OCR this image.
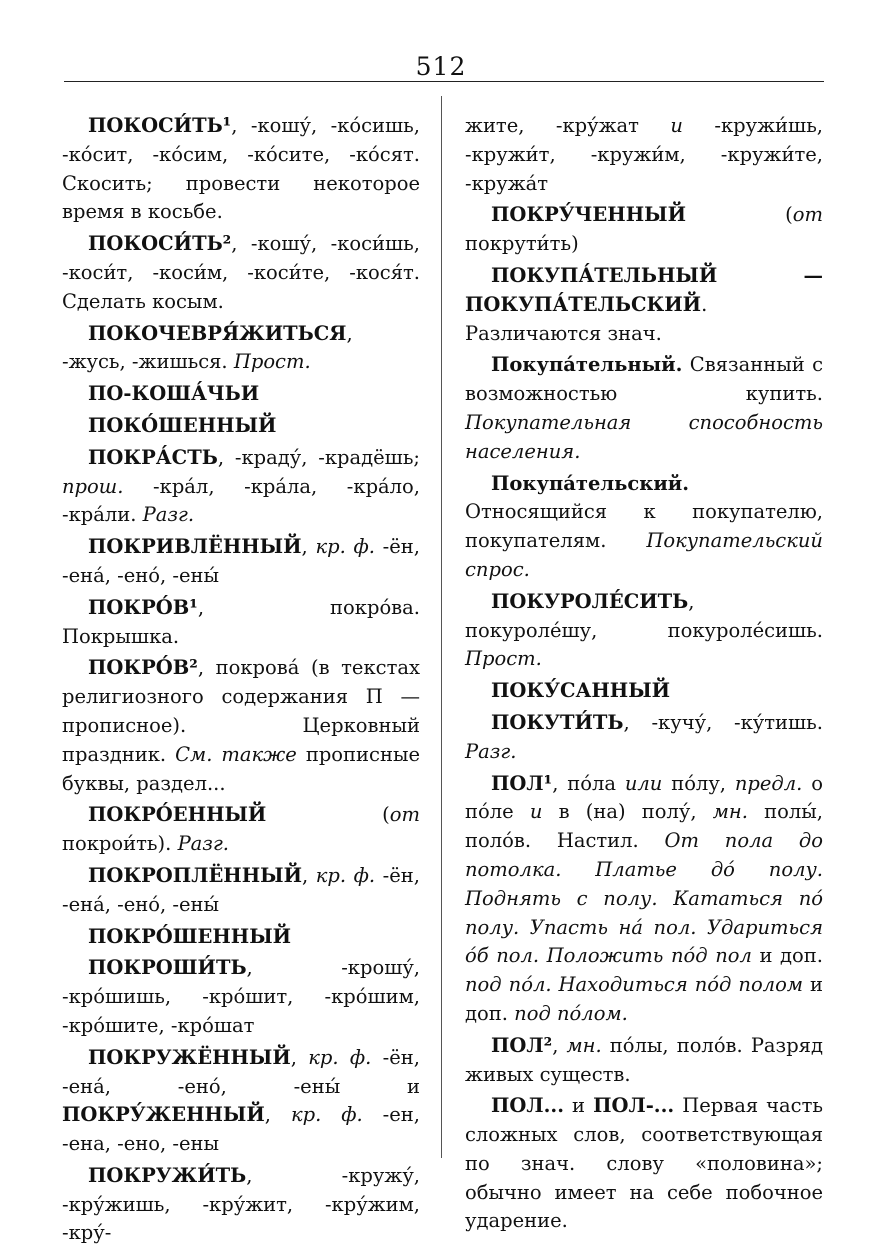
512

ПОКОСИ́ТЬ¹, -кошу́, -ко́сишь, -ко́сит, -ко́сим, -ко́сите, -ко́сят. Скосить; провести некоторое время в косьбе.

ПОКОСИ́ТЬ², -кошу́, -коси́шь, -коси́т, -коси́м, -коси́те, -кося́т. Сделать косым.

ПОКОЧЕВРЯ́ЖИТЬСЯ, -жусь, -жишься. Прост.

ПО-КОША́ЧЬИ

ПОКО́ШЕННЫЙ

ПОКРА́СТЬ, -краду́, -крадёшь; прош. -кра́л, -кра́ла, -кра́ло, -кра́ли. Разг.

ПОКРИВЛЁННЫЙ, кр. ф. -ён, -ена́, -ено́, -ены́

ПОКРО́В¹, покро́ва. Покрышка.

ПОКРО́В², покрова́ (в текстах религиозного содержания П — прописное). Церковный праздник. См. также прописные буквы, раздел...

ПОКРО́ЕННЫЙ (от покрои́ть). Разг.

ПОКРОПЛЁННЫЙ, кр. ф. -ён, -ена́, -ено́, -ены́

ПОКРО́ШЕННЫЙ

ПОКРОШИ́ТЬ, -крошу́, -кро́шишь, -кро́шит, -кро́шим, -кро́шите, -кро́шат

ПОКРУЖЁННЫЙ, кр. ф. -ён, -ена́, -ено́, -ены́ и ПОКРУ́ЖЕННЫЙ, кр. ф. -ен, -ена, -ено, -ены

ПОКРУЖИ́ТЬ, -кружу́, -кру́жишь, -кру́жит, -кру́жим, -кру́-

жите, -кру́жат и -кружи́шь, -кружи́т, -кружи́м, -кружи́те, -кружа́т

ПОКРУ́ЧЕННЫЙ (от покрути́ть)

ПОКУПА́ТЕЛЬНЫЙ — ПОКУПА́ТЕЛЬСКИЙ. Различаются знач.

Покупа́тельный. Связанный с возможностью купить. Покупательная способность населения.

Покупа́тельский. Относящийся к покупателю, покупателям. Покупательский спрос.

ПОКУРОЛЕ́СИТЬ, покуроле́шу, покуроле́сишь. Прост.

ПОКУ́САННЫЙ

ПОКУТИ́ТЬ, -кучу́, -ку́тишь. Разг.

ПОЛ¹, по́ла или по́лу, предл. о по́ле и в (на) полу́, мн. полы́, поло́в. Настил. От пола до потолка. Платье до́ полу. Поднять с полу. Кататься по́ полу. Упасть на́ пол. Удариться о́б пол. Положить по́д пол и доп. под по́л. Находиться по́д полом и доп. под по́лом.

ПОЛ², мн. по́лы, поло́в. Разряд живых существ.

ПОЛ... и ПОЛ-... Первая часть сложных слов, соответствующая по знач. слову «половина»; обычно имеет на себе побочное ударение.
